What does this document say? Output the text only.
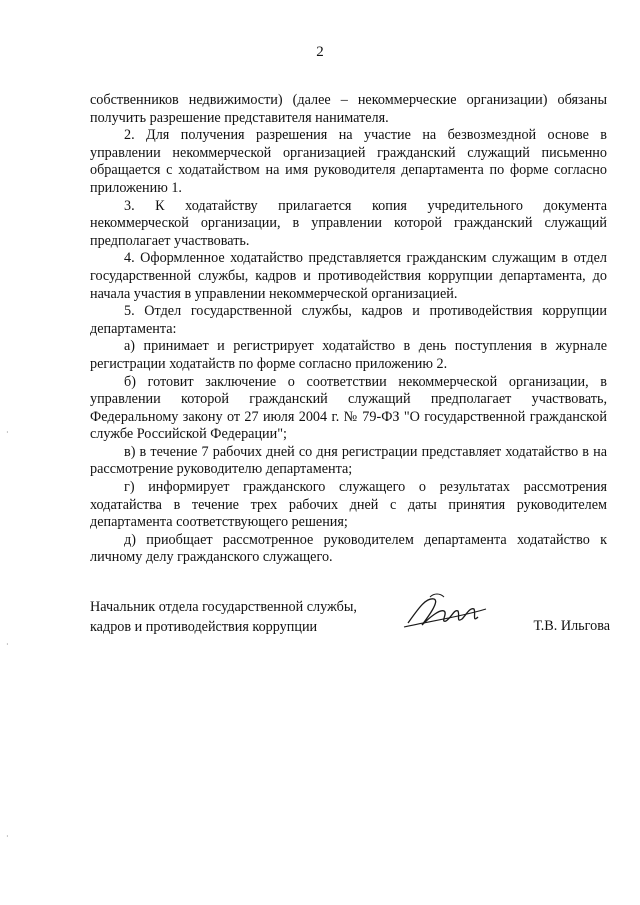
2

собственников недвижимости) (далее – некоммерческие организации) обязаны получить разрешение представителя нанимателя.

2. Для получения разрешения на участие на безвозмездной основе в управлении некоммерческой организацией гражданский служащий письменно обращается с ходатайством на имя руководителя департамента по форме согласно приложению 1.

3. К ходатайству прилагается копия учредительного документа некоммерческой организации, в управлении которой гражданский служащий предполагает участвовать.

4. Оформленное ходатайство представляется гражданским служащим в отдел государственной службы, кадров и противодействия коррупции департамента, до начала участия в управлении некоммерческой организацией.

5. Отдел государственной службы, кадров и противодействия коррупции департамента:

а) принимает и регистрирует ходатайство в день поступления в журнале регистрации ходатайств по форме согласно приложению 2.

б) готовит заключение о соответствии некоммерческой организации, в управлении которой гражданский служащий предполагает участвовать, Федеральному закону от 27 июля 2004 г. № 79-ФЗ "О государственной гражданской службе Российской Федерации";

в) в течение 7 рабочих дней со дня регистрации представляет ходатайство в на рассмотрение руководителю департамента;

г) информирует гражданского служащего о результатах рассмотрения ходатайства в течение трех рабочих дней с даты принятия руководителем департамента соответствующего решения;

д) приобщает рассмотренное руководителем департамента ходатайство к личному делу гражданского служащего.

Начальник отдела государственной службы,
кадров и противодействия коррупции	Т.В. Ильгова
·
·
·
